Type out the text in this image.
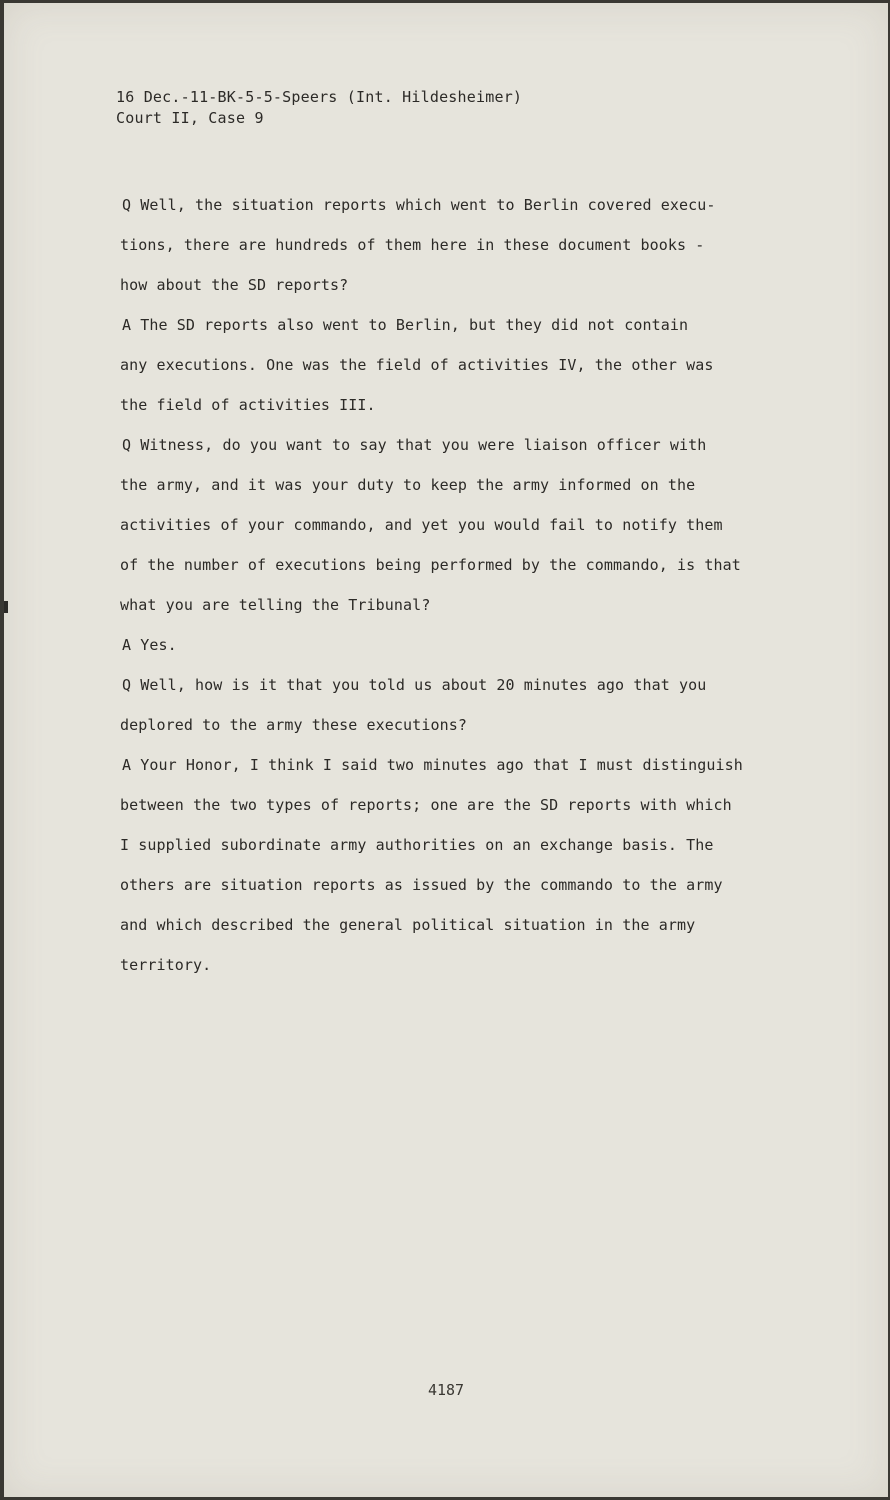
16 Dec.-11-BK-5-5-Speers (Int. Hildesheimer)
Court II, Case 9
Q Well, the situation reports which went to Berlin covered execu-
tions, there are hundreds of them here in these document books -
how about the SD reports?
A The SD reports also went to Berlin, but they did not contain
any executions. One was the field of activities IV, the other was
the field of activities III.
Q Witness, do you want to say that you were liaison officer with
the army, and it was your duty to keep the army informed on the
activities of your commando, and yet you would fail to notify them
of the number of executions being performed by the commando, is that
what you are telling the Tribunal?
A Yes.
Q Well, how is it that you told us about 20 minutes ago that you
deplored to the army these executions?
A Your Honor, I think I said two minutes ago that I must distinguish
between the two types of reports; one are the SD reports with which
I supplied subordinate army authorities on an exchange basis. The
others are situation reports as issued by the commando to the army
and which described the general political situation in the army
territory.
4187
